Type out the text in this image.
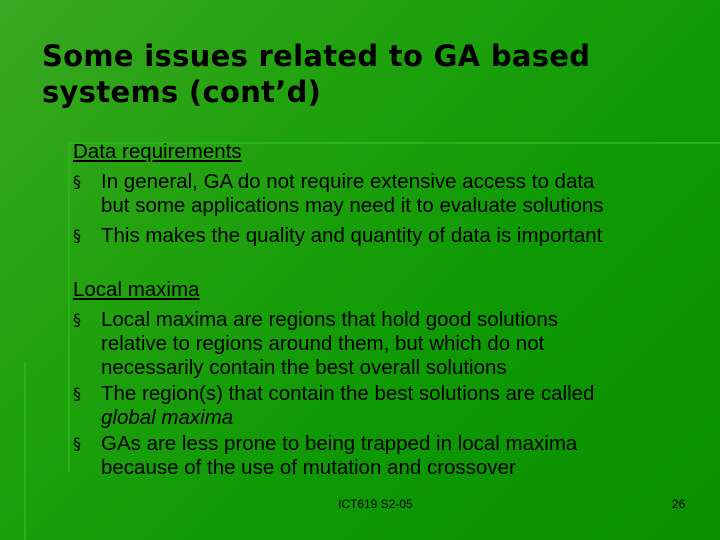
Some issues related to GA based
systems (cont’d)
Data requirements
§ In general, GA do not require extensive access to data
but some applications may need it to evaluate solutions
§ This makes the quality and quantity of data is important
Local maxima
§ Local maxima are regions that hold good solutions
relative to regions around them, but which do not
necessarily contain the best overall solutions
§ The region(s) that contain the best solutions are called
global maxima
§ GAs are less prone to being trapped in local maxima
because of the use of mutation and crossover
ICT619 S2-05	26
